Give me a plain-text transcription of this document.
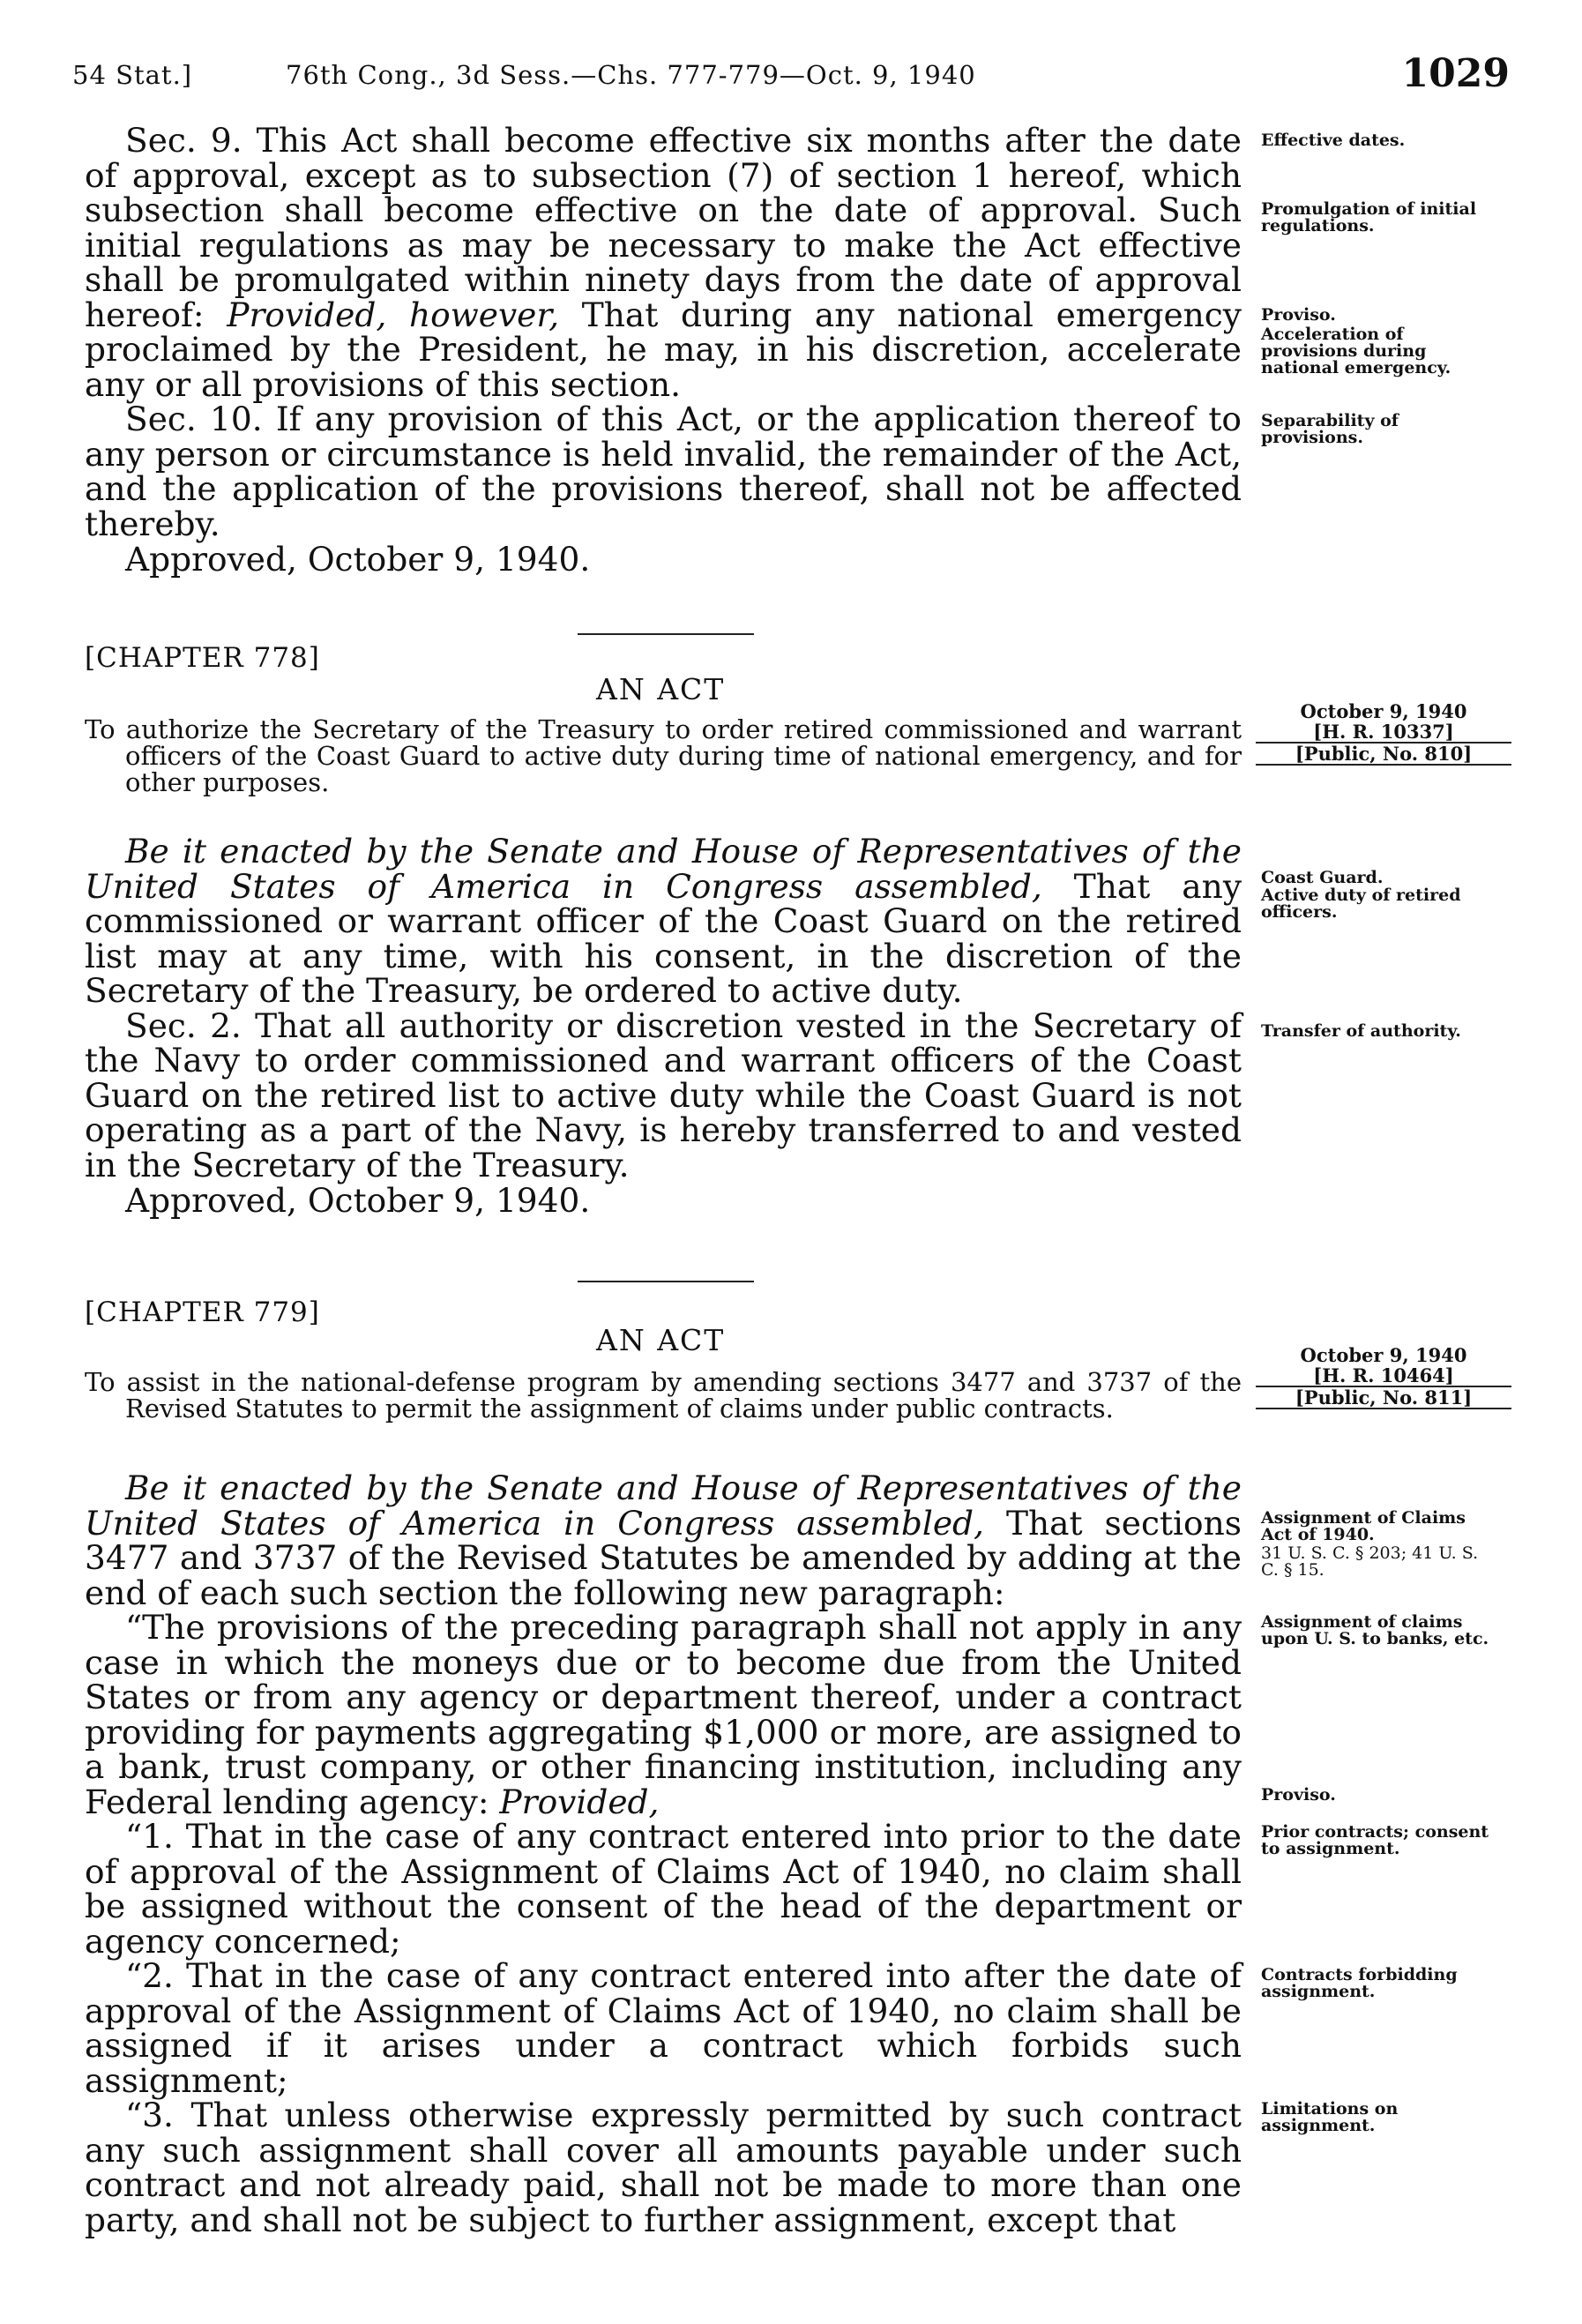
54 Stat.]	76th Cong., 3d Sess.—Chs. 777-779—Oct. 9, 1940	1029

Sec. 9. This Act shall become effective six months after the date of approval, except as to subsection (7) of section 1 hereof, which subsection shall become effective on the date of approval. Such initial regulations as may be necessary to make the Act effective shall be promulgated within ninety days from the date of approval hereof: Provided, however, That during any national emergency proclaimed by the President, he may, in his discretion, accelerate any or all provisions of this section.

Sec. 10. If any provision of this Act, or the application thereof to any person or circumstance is held invalid, the remainder of the Act, and the application of the provisions thereof, shall not be affected thereby.

Approved, October 9, 1940.

Effective dates.
Promulgation of initial regulations.
Proviso.
Acceleration of provisions during national emergency.
Separability of provisions.
[CHAPTER 778]
AN ACT
To authorize the Secretary of the Treasury to order retired commissioned and warrant officers of the Coast Guard to active duty during time of national emergency, and for other purposes.
October 9, 1940
[H. R. 10337]
[Public, No. 810]

Be it enacted by the Senate and House of Representatives of the United States of America in Congress assembled, That any commissioned or warrant officer of the Coast Guard on the retired list may at any time, with his consent, in the discretion of the Secretary of the Treasury, be ordered to active duty.

Sec. 2. That all authority or discretion vested in the Secretary of the Navy to order commissioned and warrant officers of the Coast Guard on the retired list to active duty while the Coast Guard is not operating as a part of the Navy, is hereby transferred to and vested in the Secretary of the Treasury.

Approved, October 9, 1940.

Coast Guard.
Active duty of retired officers.
Transfer of authority.
[CHAPTER 779]
AN ACT
To assist in the national-defense program by amending sections 3477 and 3737 of the Revised Statutes to permit the assignment of claims under public contracts.
October 9, 1940
[H. R. 10464]
[Public, No. 811]

Be it enacted by the Senate and House of Representatives of the United States of America in Congress assembled, That sections 3477 and 3737 of the Revised Statutes be amended by adding at the end of each such section the following new paragraph:

“The provisions of the preceding paragraph shall not apply in any case in which the moneys due or to become due from the United States or from any agency or department thereof, under a contract providing for payments aggregating $1,000 or more, are assigned to a bank, trust company, or other financing institution, including any Federal lending agency: Provided,

“1. That in the case of any contract entered into prior to the date of approval of the Assignment of Claims Act of 1940, no claim shall be assigned without the consent of the head of the department or agency concerned;

“2. That in the case of any contract entered into after the date of approval of the Assignment of Claims Act of 1940, no claim shall be assigned if it arises under a contract which forbids such assignment;

“3. That unless otherwise expressly permitted by such contract any such assignment shall cover all amounts payable under such contract and not already paid, shall not be made to more than one party, and shall not be subject to further assignment, except that

Assignment of Claims Act of 1940.
31 U. S. C. § 203; 41 U. S. C. § 15.
Assignment of claims upon U. S. to banks, etc.
Proviso.
Prior contracts; consent to assignment.
Contracts forbidding assignment.
Limitations on assignment.
